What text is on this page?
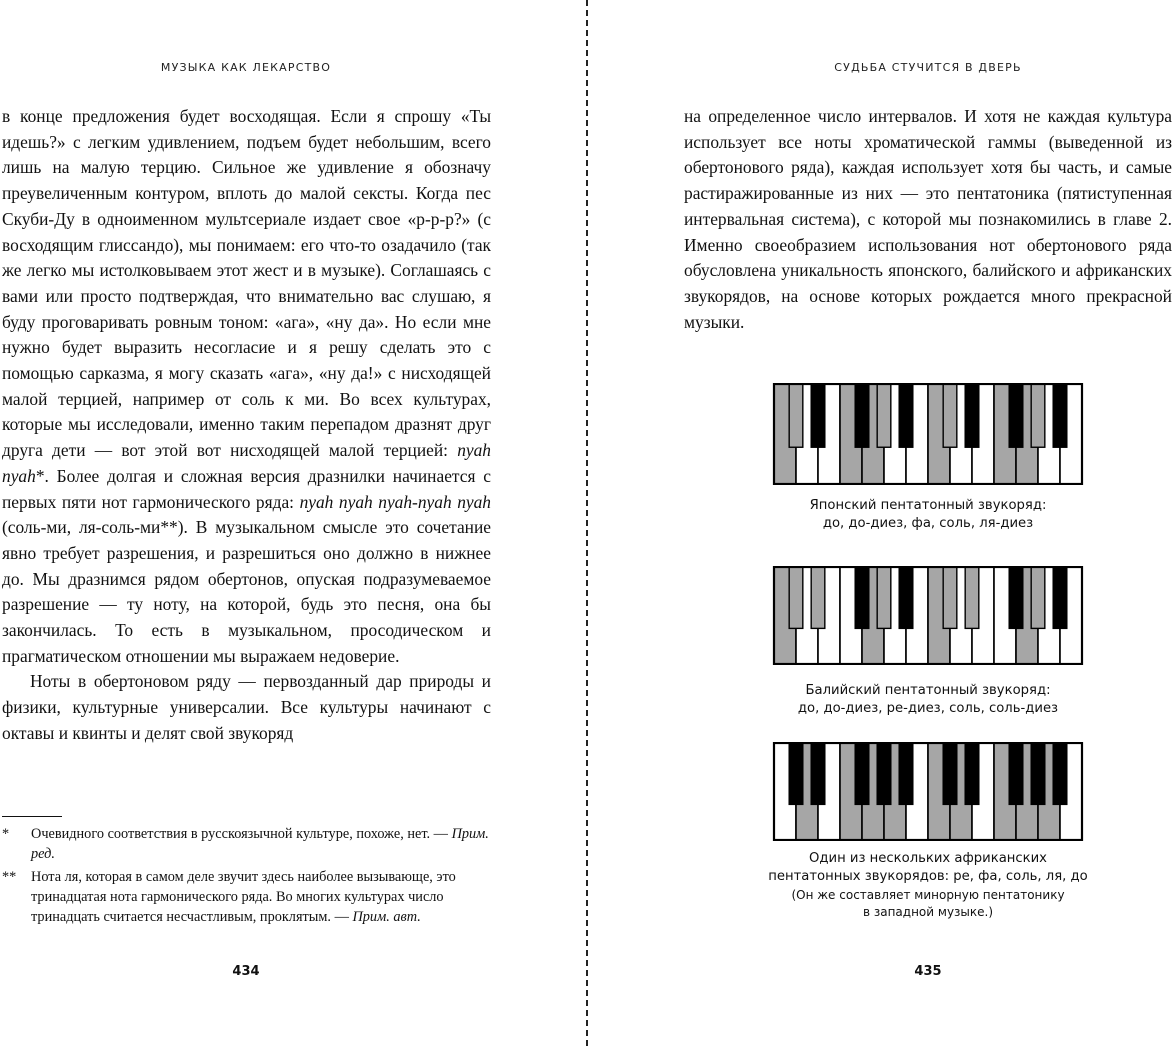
МУЗЫКА КАК ЛЕКАРСТВО

в конце предложения будет восходящая. Если я спрошу «Ты идешь?» с легким удивлением, подъем будет небольшим, всего лишь на малую терцию. Сильное же удивление я обозначу преувеличенным контуром, вплоть до малой сексты. Когда пес Скуби-Ду в одноименном мультсериале издает свое «р-р-р?» (с восходящим глиссандо), мы понимаем: его что-то озадачило (так же легко мы истолковываем этот жест и в музыке). Соглашаясь с вами или просто подтверждая, что внимательно вас слушаю, я буду проговаривать ровным тоном: «ага», «ну да». Но если мне нужно будет выразить несогласие и я решу сделать это с помощью сарказма, я могу сказать «ага», «ну да!» с нисходящей малой терцией, например от соль к ми. Во всех культурах, которые мы исследовали, именно таким перепадом дразнят друг друга дети — вот этой вот нисходящей малой терцией: nyah nyah*. Более долгая и сложная версия дразнилки начинается с первых пяти нот гармонического ряда: nyah nyah nyah-nyah nyah (соль-ми, ля-соль-ми**). В музыкальном смысле это сочетание явно требует разрешения, и разрешиться оно должно в нижнее до. Мы дразнимся рядом обертонов, опуская подразумеваемое разрешение — ту ноту, на которой, будь это песня, она бы закончилась. То есть в музыкальном, просодическом и прагматическом отношении мы выражаем недоверие.

Ноты в обертоновом ряду — первозданный дар природы и физики, культурные универсалии. Все культуры начинают с октавы и квинты и делят свой звукоряд

* Очевидного соответствия в русскоязычной культуре, похоже, нет. — Прим. ред.
** Нота ля, которая в самом деле звучит здесь наиболее вызывающе, это тринадцатая нота гармонического ряда. Во многих культурах число тринадцать считается несчастливым, проклятым. — Прим. авт.
434
СУДЬБА СТУЧИТСЯ В ДВЕРЬ

на определенное число интервалов. И хотя не каждая культура использует все ноты хроматической гаммы (выведенной из обертонового ряда), каждая использует хотя бы часть, и самые растиражированные из них — это пентатоника (пятиступенная интервальная система), с которой мы познакомились в главе 2. Именно своеобразием использования нот обертонового ряда обусловлена уникальность японского, балийского и африканских звукорядов, на основе которых рождается много прекрасной музыки.

Японский пентатонный звукоряд:
до, до-диез, фа, соль, ля-диез
Балийский пентатонный звукоряд:
до, до-диез, ре-диез, соль, соль-диез
Один из нескольких африканских
пентатонных звукорядов: ре, фа, соль, ля, до
(Он же составляет минорную пентатонику
в западной музыке.)
435
